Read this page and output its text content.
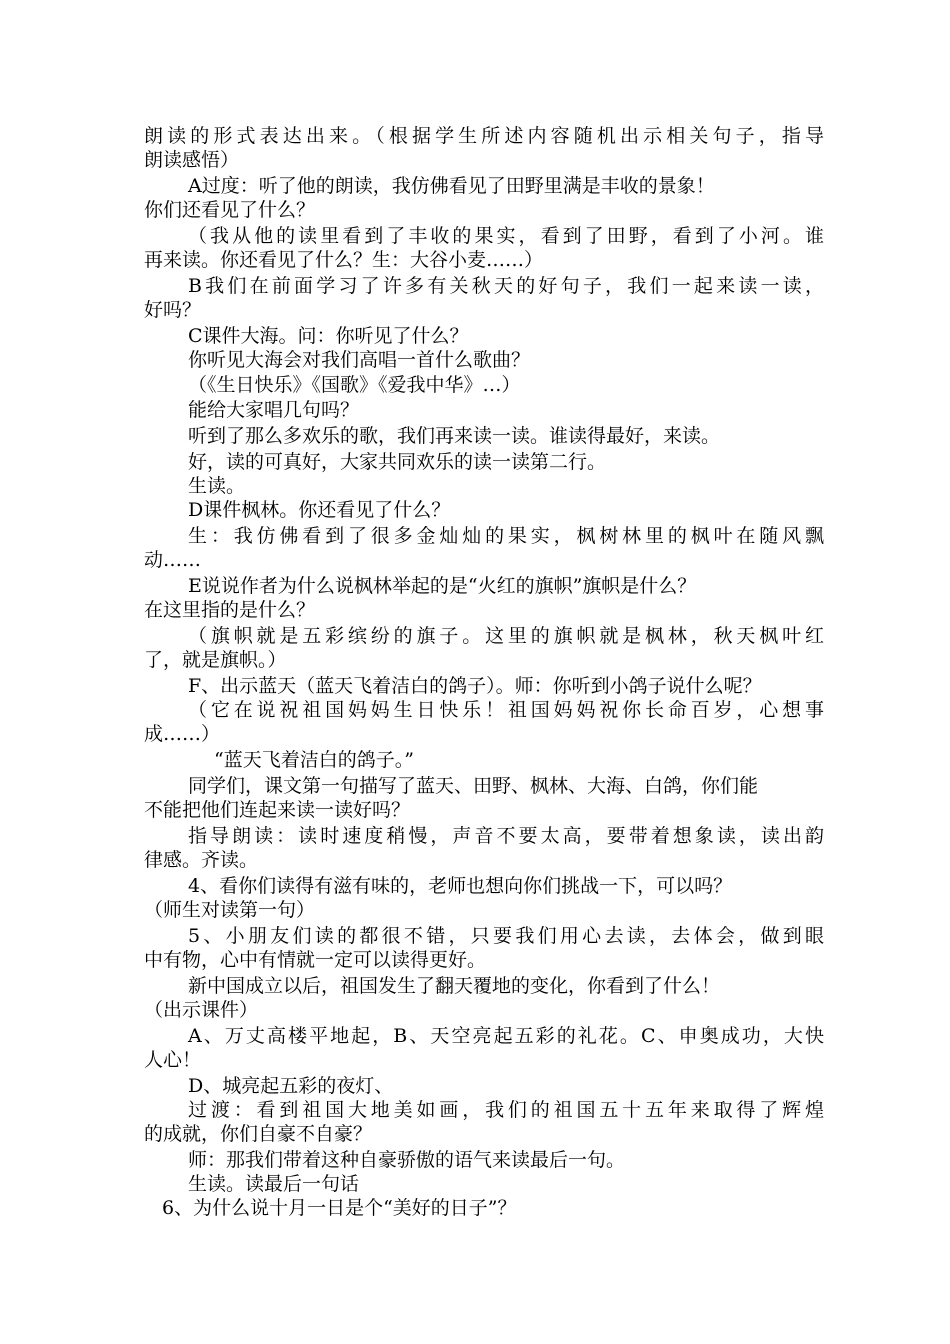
朗读的形式表达出来。（根据学生所述内容随机出示相关句子，指导
朗读感悟）
A过度：听了他的朗读，我仿佛看见了田野里满是丰收的景象！
你们还看见了什么？
（我从他的读里看到了丰收的果实，看到了田野，看到了小河。谁
再来读。你还看见了什么？生：大谷小麦……）
B我们在前面学习了许多有关秋天的好句子，我们一起来读一读，
好吗？
C课件大海。问：你听见了什么？
你听见大海会对我们高唱一首什么歌曲？
（《生日快乐》《国歌》《爱我中华》…）
能给大家唱几句吗？
听到了那么多欢乐的歌，我们再来读一读。谁读得最好，来读。
好，读的可真好，大家共同欢乐的读一读第二行。
生读。
D课件枫林。你还看见了什么？
生：我仿佛看到了很多金灿灿的果实，枫树林里的枫叶在随风飘
动……
E说说作者为什么说枫林举起的是“火红的旗帜”旗帜是什么？
在这里指的是什么？
（旗帜就是五彩缤纷的旗子。这里的旗帜就是枫林，秋天枫叶红
了，就是旗帜。）
F、出示蓝天（蓝天飞着洁白的鸽子）。师：你听到小鸽子说什么呢？
（它在说祝祖国妈妈生日快乐！祖国妈妈祝你长命百岁，心想事
成……）
“蓝天飞着洁白的鸽子。”
同学们，课文第一句描写了蓝天、田野、枫林、大海、白鸽，你们能
不能把他们连起来读一读好吗？
指导朗读：读时速度稍慢，声音不要太高，要带着想象读，读出韵
律感。齐读。
4、看你们读得有滋有味的，老师也想向你们挑战一下，可以吗？
（师生对读第一句）
5、小朋友们读的都很不错，只要我们用心去读，去体会，做到眼
中有物，心中有情就一定可以读得更好。
新中国成立以后，祖国发生了翻天覆地的变化，你看到了什么！
（出示课件）
A、万丈高楼平地起，B、天空亮起五彩的礼花。C、申奥成功，大快
人心！
D、城亮起五彩的夜灯、
过渡：看到祖国大地美如画，我们的祖国五十五年来取得了辉煌
的成就，你们自豪不自豪？
师：那我们带着这种自豪骄傲的语气来读最后一句。
生读。读最后一句话
6、为什么说十月一日是个“美好的日子”？
